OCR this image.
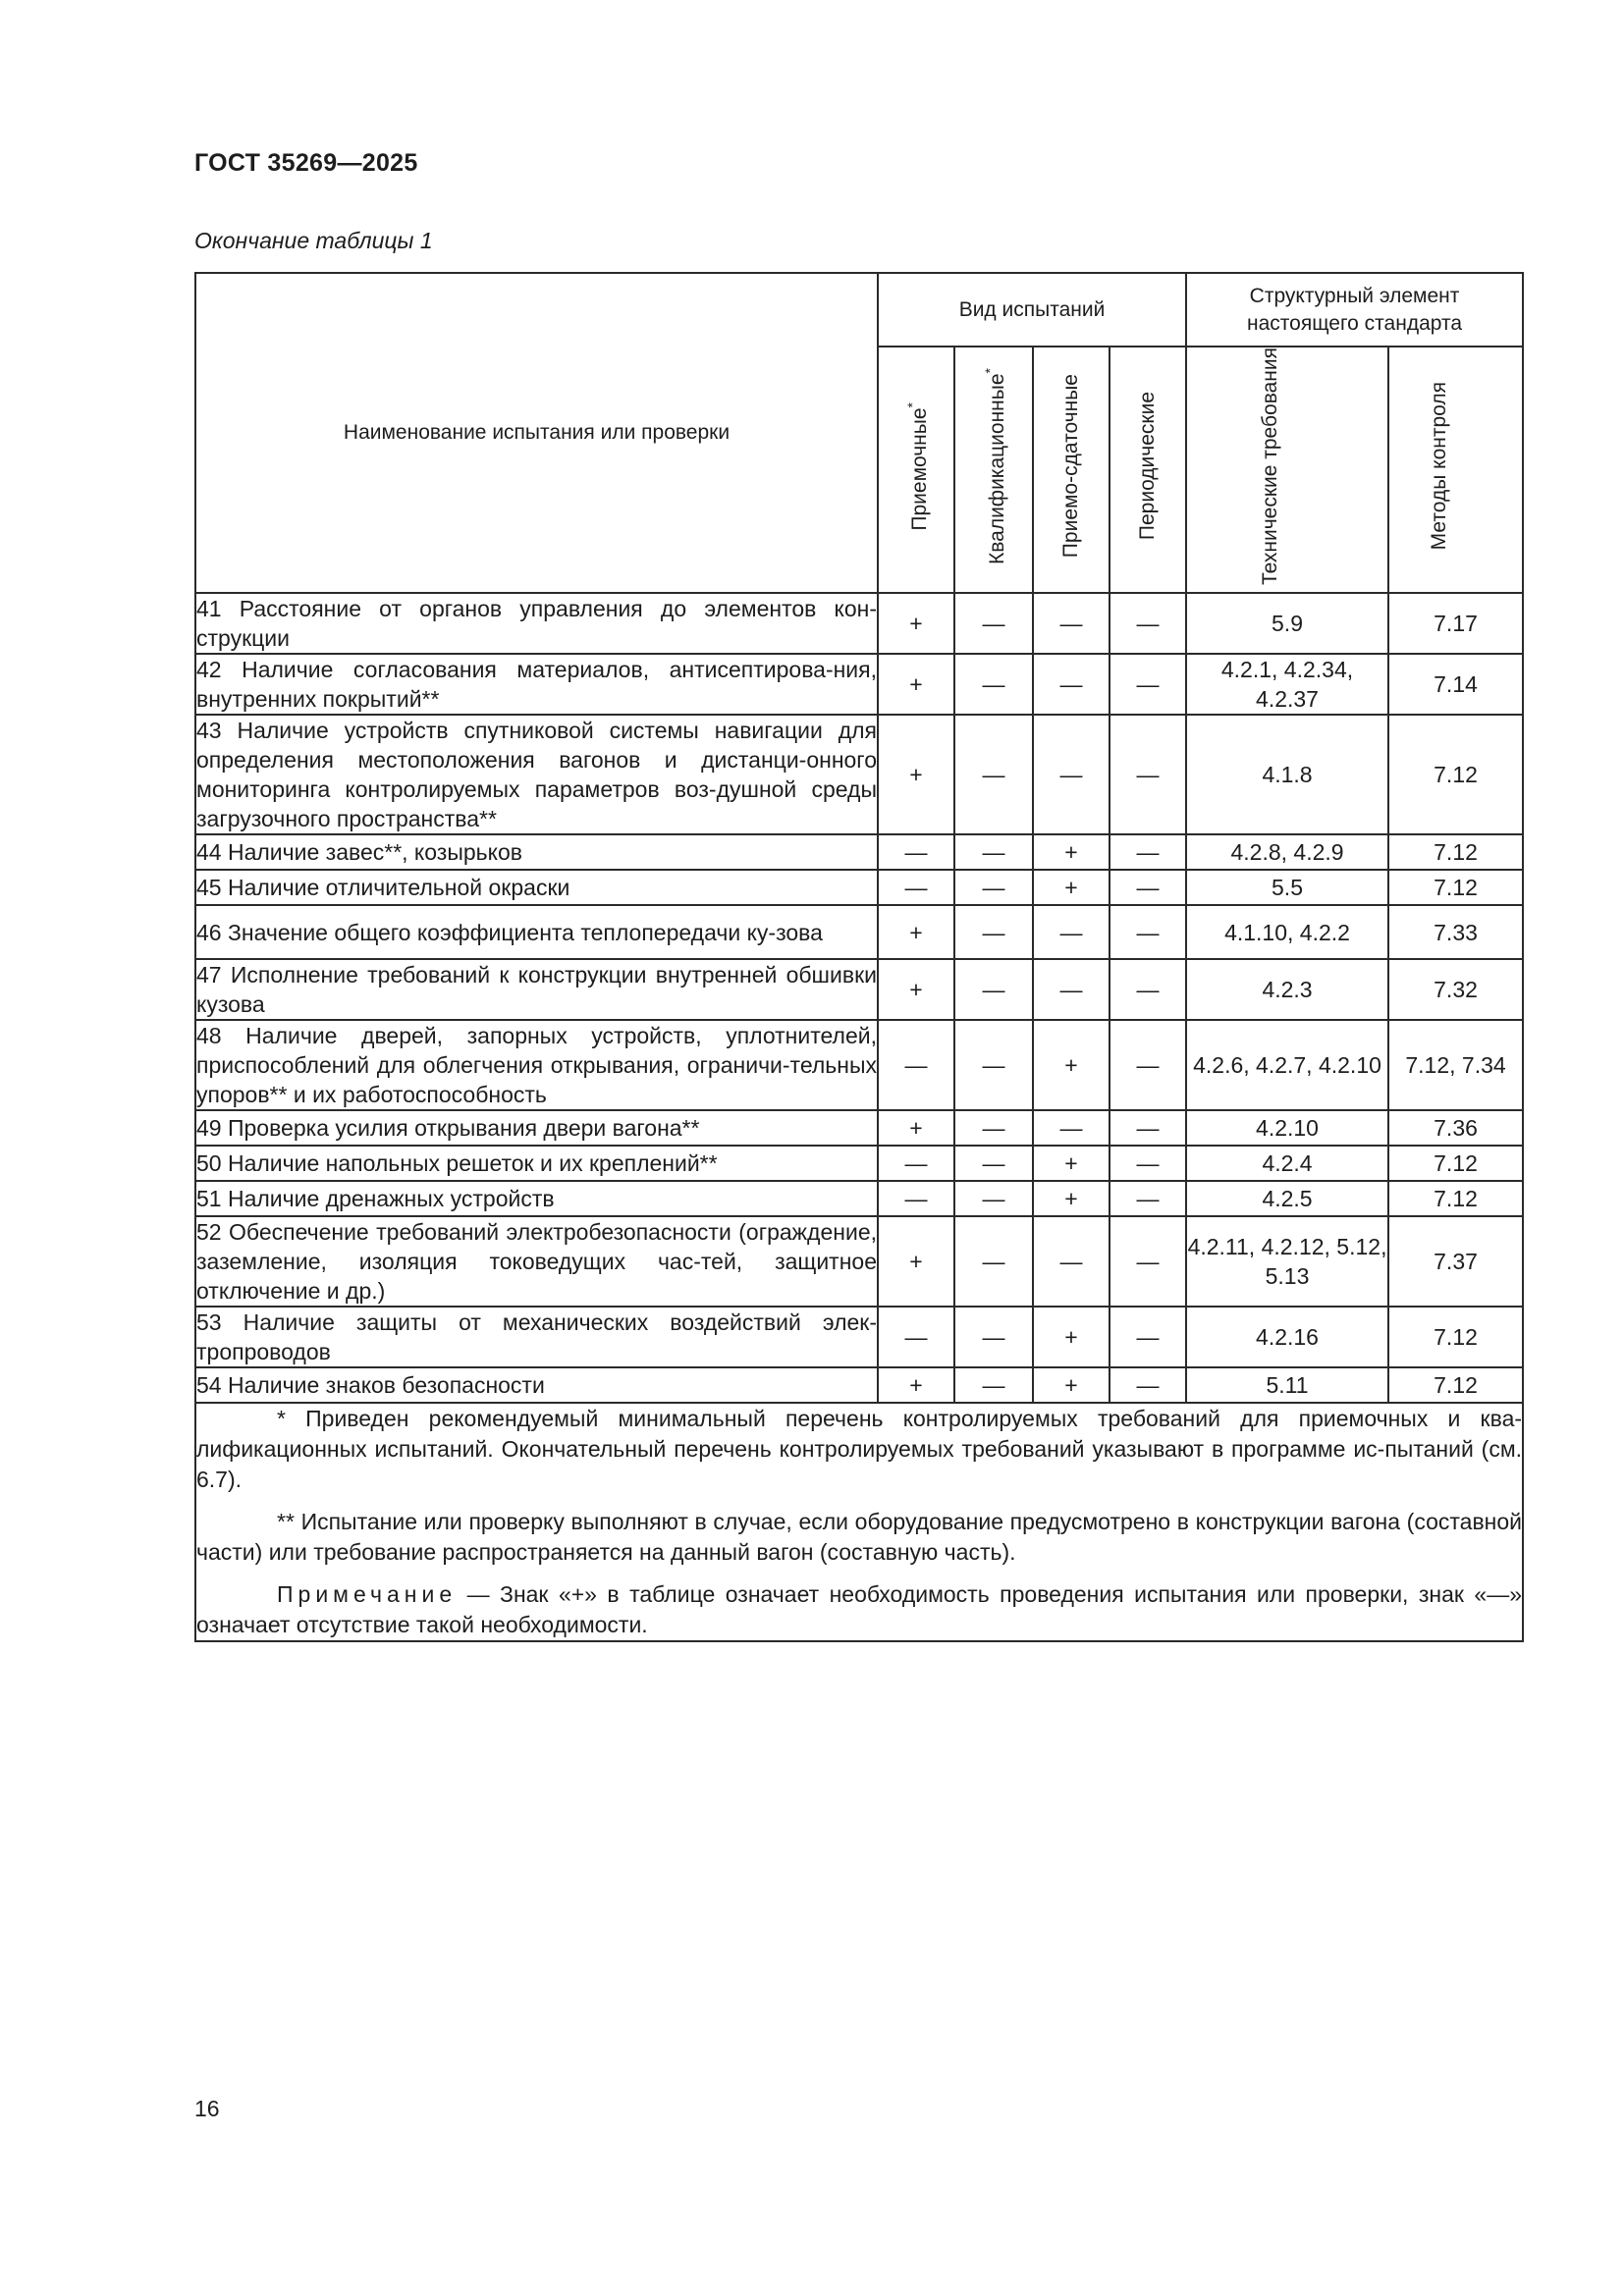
ГОСТ 35269—2025
Окончание таблицы 1
Наименование испытания или проверки	Вид испытаний				Структурный элемент настоящего стандарта	
	Приемочные*	Квалификационные*	Приемо-сдаточные	Периодические	Технические требования	Методы контроля
41 Расстояние от органов управления до элементов кон-струкции	+	—	—	—	5.9	7.17
42 Наличие согласования материалов, антисептирова-ния, внутренних покрытий**	+	—	—	—	4.2.1, 4.2.34, 4.2.37	7.14
43 Наличие устройств спутниковой системы навигации для определения местоположения вагонов и дистанци-онного мониторинга контролируемых параметров воз-душной среды загрузочного пространства**	+	—	—	—	4.1.8	7.12
44 Наличие завес**, козырьков	—	—	+	—	4.2.8, 4.2.9	7.12
45 Наличие отличительной окраски	—	—	+	—	5.5	7.12
46 Значение общего коэффициента теплопередачи ку-зова	+	—	—	—	4.1.10, 4.2.2	7.33
47 Исполнение требований к конструкции внутренней обшивки кузова	+	—	—	—	4.2.3	7.32
48 Наличие дверей, запорных устройств, уплотнителей, приспособлений для облегчения открывания, ограничи-тельных упоров** и их работоспособность	—	—	+	—	4.2.6, 4.2.7, 4.2.10	7.12, 7.34
49 Проверка усилия открывания двери вагона**	+	—	—	—	4.2.10	7.36
50 Наличие напольных решеток и их креплений**	—	—	+	—	4.2.4	7.12
51 Наличие дренажных устройств	—	—	+	—	4.2.5	7.12
52 Обеспечение требований электробезопасности (ограждение, заземление, изоляция токоведущих час-тей, защитное отключение и др.)	+	—	—	—	4.2.11, 4.2.12, 5.12, 5.13	7.37
53 Наличие защиты от механических воздействий элек-тропроводов	—	—	+	—	4.2.16	7.12
54 Наличие знаков безопасности	+	—	+	—	5.11	7.12

* Приведен рекомендуемый минимальный перечень контролируемых требований для приемочных и ква-лификационных испытаний. Окончательный перечень контролируемых требований указывают в программе ис-пытаний (см. 6.7).

** Испытание или проверку выполняют в случае, если оборудование предусмотрено в конструкции вагона (составной части) или требование распространяется на данный вагон (составную часть).

Примечание — Знак «+» в таблице означает необходимость проведения испытания или проверки, знак «—» означает отсутствие такой необходимости.						

16
